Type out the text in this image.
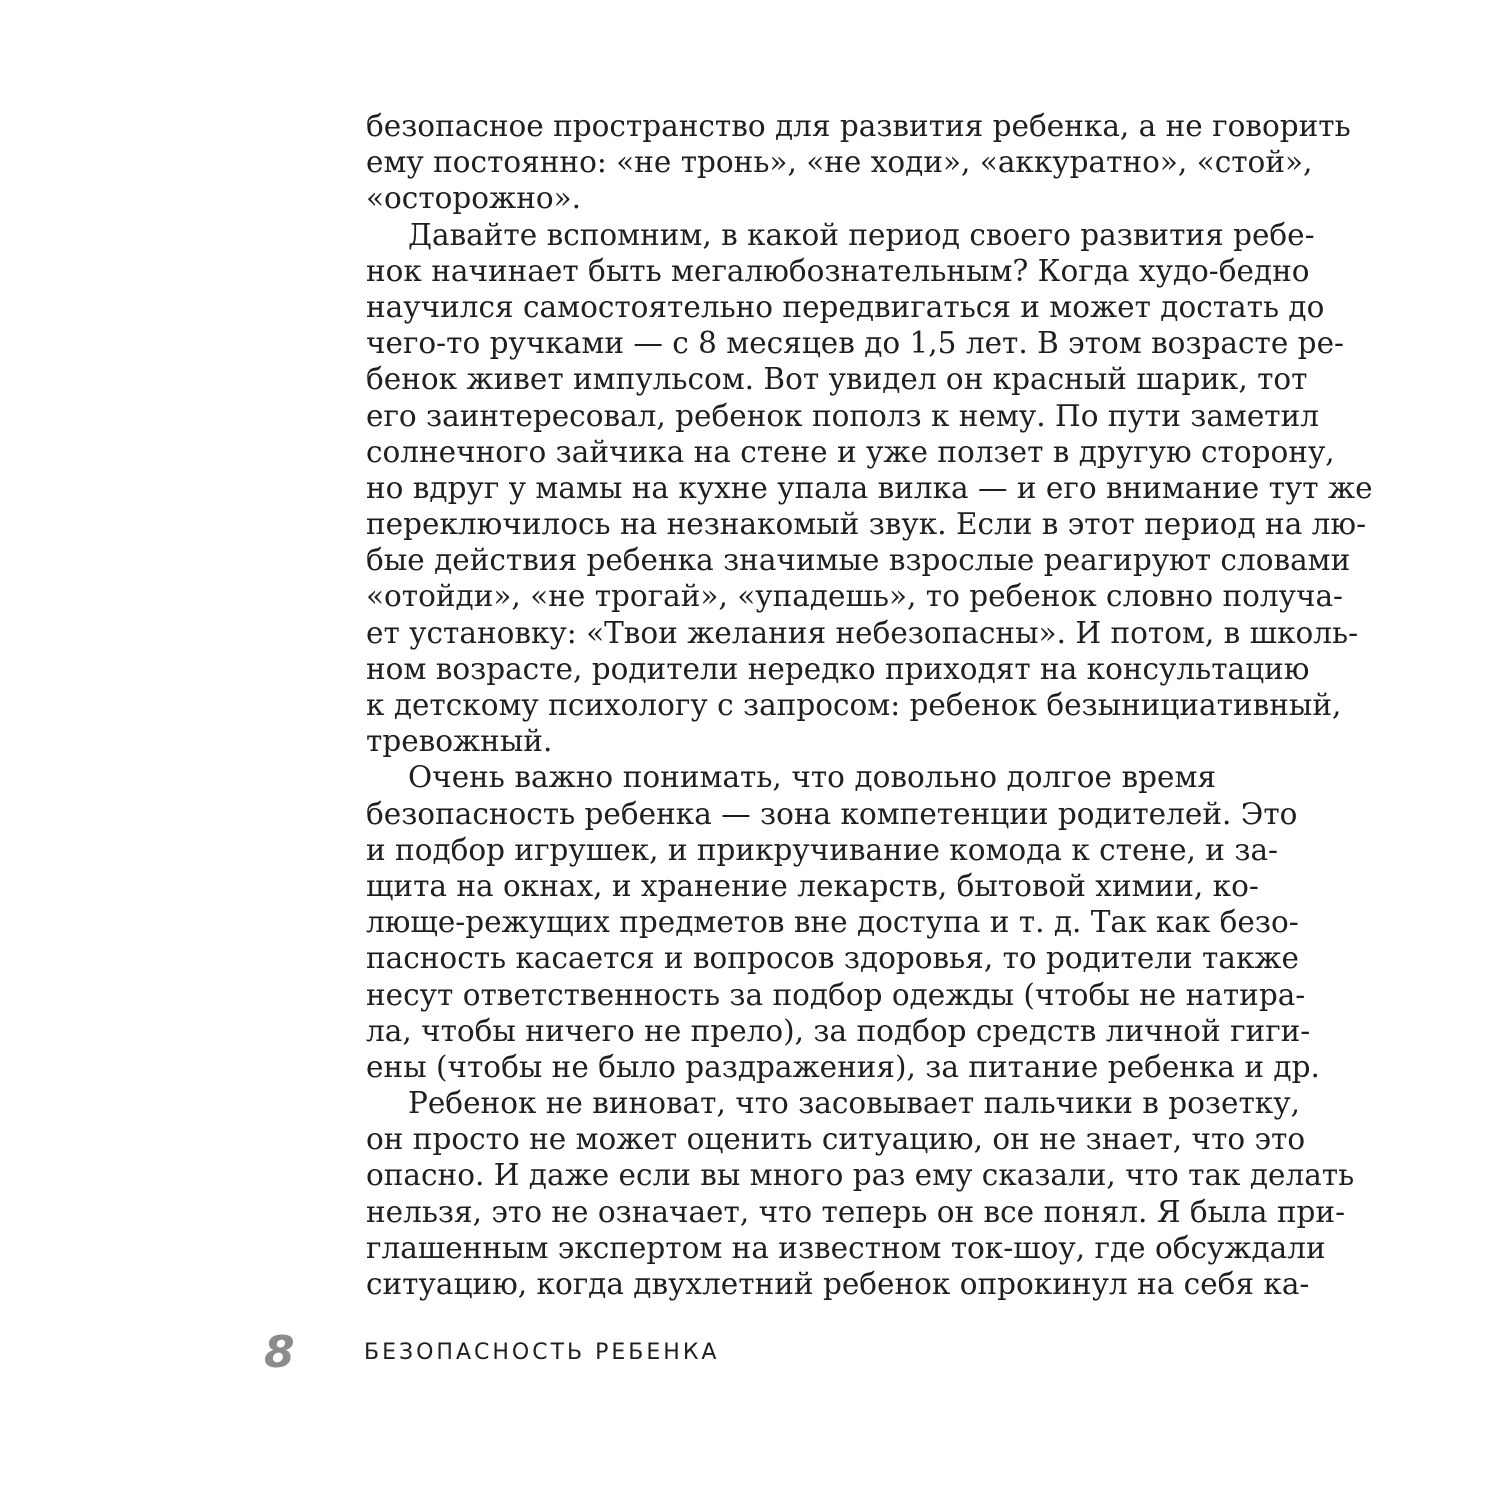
безопасное пространство для развития ребенка, а не говорить
ему постоянно: «не тронь», «не ходи», «аккуратно», «стой»,
«осторожно».
Давайте вспомним, в какой период своего развития ребе-
нок начинает быть мегалюбознательным? Когда худо-бедно
научился самостоятельно передвигаться и может достать до
чего-то ручками — с 8 месяцев до 1,5 лет. В этом возрасте ре-
бенок живет импульсом. Вот увидел он красный шарик, тот
его заинтересовал, ребенок пополз к нему. По пути заметил
солнечного зайчика на стене и уже ползет в другую сторону,
но вдруг у мамы на кухне упала вилка — и его внимание тут же
переключилось на незнакомый звук. Если в этот период на лю-
бые действия ребенка значимые взрослые реагируют словами
«отойди», «не трогай», «упадешь», то ребенок словно получа-
ет установку: «Твои желания небезопасны». И потом, в школь-
ном возрасте, родители нередко приходят на консультацию
к детскому психологу с запросом: ребенок безынициативный,
тревожный.
Очень важно понимать, что довольно долгое время
безопасность ребенка — зона компетенции родителей. Это
и подбор игрушек, и прикручивание комода к стене, и за-
щита на окнах, и хранение лекарств, бытовой химии, ко-
люще-режущих предметов вне доступа и т. д. Так как безо-
пасность касается и вопросов здоровья, то родители также
несут ответственность за подбор одежды (чтобы не натира-
ла, чтобы ничего не прело), за подбор средств личной гиги-
ены (чтобы не было раздражения), за питание ребенка и др.
Ребенок не виноват, что засовывает пальчики в розетку,
он просто не может оценить ситуацию, он не знает, что это
опасно. И даже если вы много раз ему сказали, что так делать
нельзя, это не означает, что теперь он все понял. Я была при-
глашенным экспертом на известном ток-шоу, где обсуждали
ситуацию, когда двухлетний ребенок опрокинул на себя ка-
8	БЕЗОПАСНОСТЬ РЕБЕНКА
